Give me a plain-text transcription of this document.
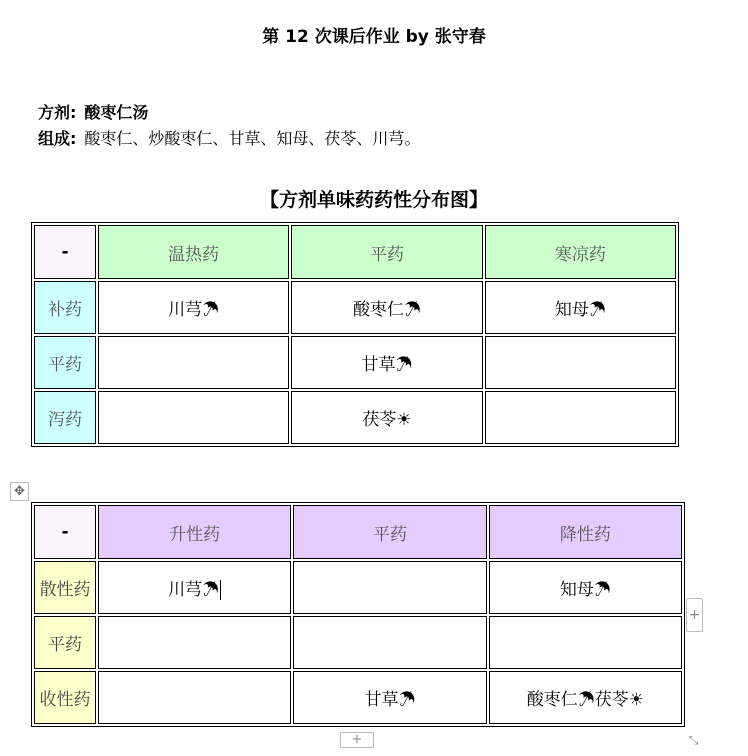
第 12 次课后作业 by 张守春
方剂: 酸枣仁汤
组成: 酸枣仁、炒酸枣仁、甘草、知母、茯苓、川芎。
【方剂单味药药性分布图】
-	温热药	平药	寒凉药
补药	川芎☂	酸枣仁☂	知母☂
平药		甘草☂	
泻药		茯苓☀	
✥
-	升性药	平药	降性药
散性药	川芎☂		知母☂
平药			
收性药		甘草☂	酸枣仁☂茯苓☀
+
+	⤡
